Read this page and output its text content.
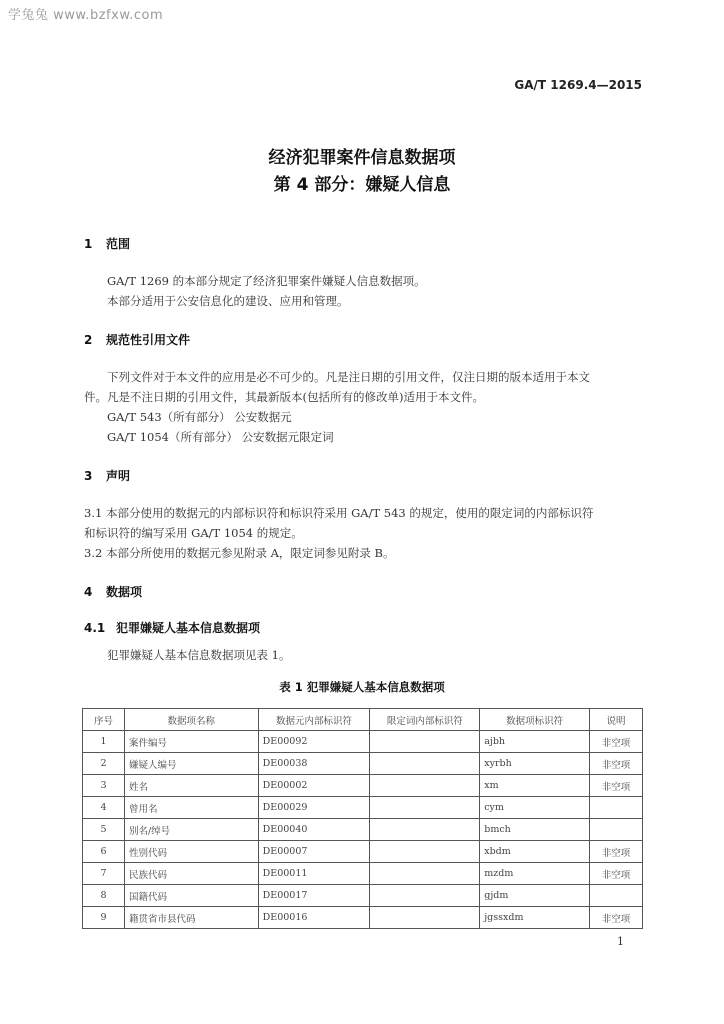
学兔兔 www.bzfxw.com
GA/T 1269.4—2015
经济犯罪案件信息数据项
第 4 部分：嫌疑人信息
1 范围
GA/T 1269 的本部分规定了经济犯罪案件嫌疑人信息数据项。
本部分适用于公安信息化的建设、应用和管理。
2 规范性引用文件
下列文件对于本文件的应用是必不可少的。凡是注日期的引用文件，仅注日期的版本适用于本文
件。凡是不注日期的引用文件，其最新版本(包括所有的修改单)适用于本文件。
GA/T 543（所有部分） 公安数据元
GA/T 1054（所有部分） 公安数据元限定词
3 声明
3.1 本部分使用的数据元的内部标识符和标识符采用 GA/T 543 的规定，使用的限定词的内部标识符
和标识符的编写采用 GA/T 1054 的规定。
3.2 本部分所使用的数据元参见附录 A，限定词参见附录 B。
4 数据项
4.1 犯罪嫌疑人基本信息数据项
犯罪嫌疑人基本信息数据项见表 1。
表 1 犯罪嫌疑人基本信息数据项
序号	数据项名称	数据元内部标识符	限定词内部标识符	数据项标识符	说明
1	案件编号	DE00092		ajbh	非空项
2	嫌疑人编号	DE00038		xyrbh	非空项
3	姓名	DE00002		xm	非空项
4	曾用名	DE00029		cym	
5	别名/绰号	DE00040		bmch	
6	性别代码	DE00007		xbdm	非空项
7	民族代码	DE00011		mzdm	非空项
8	国籍代码	DE00017		gjdm	
9	籍贯省市县代码	DE00016		jgssxdm	非空项
1
